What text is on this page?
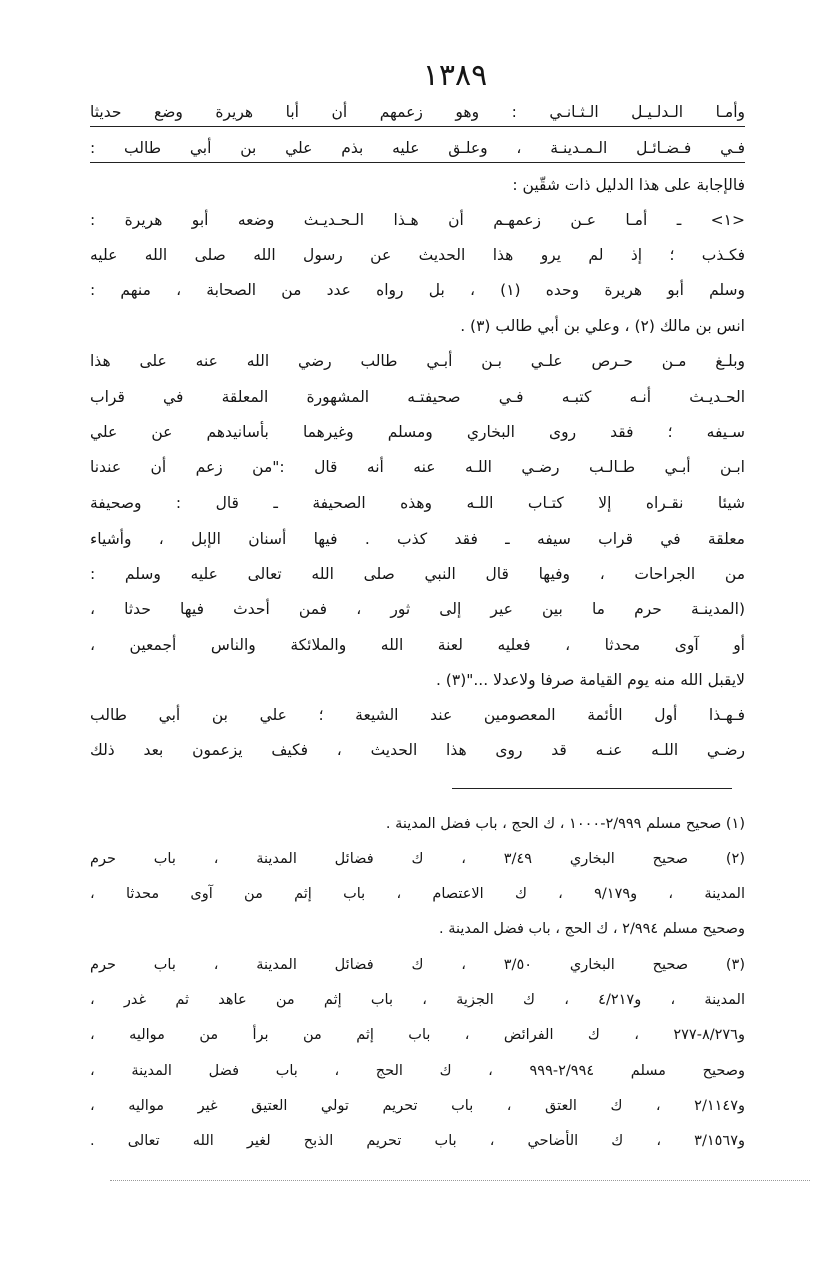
١٣٨٩
وأمـا الـدلـيـل الـثـانـي : وهو زعمهم أن أبا هريرة وضع حديثا
فـي فـضـائـل الـمـدينـة ، وعلـق عليه بذم علي بن أبي طالب :
فالإجابة على هذا الدليل ذات شقّين :
<١> ـ أمـا عـن زعمهـم أن هـذا الـحـديـث وضعه أبو هريرة :
فكـذب ؛ إذ لم يرو هذا الحديث عن رسول الله صلى الله عليه
وسلم أبو هريرة وحده (١) ، بل رواه عدد من الصحابة ، منهم :
انس بن مالك (٢) ، وعلي بن أبي طالب (٣) .
وبلـغ مـن حـرص علـي بـن أبـي طالب رضي الله عنه على هذا
الحـديـث أنـه كتبـه فـي صحيفتـه المشهورة المعلقة في قراب
سـيفه ؛ فقد روى البخاري ومسلم وغيرهما بأسانيدهم عن علي
ابـن أبـي طـالـب رضـي اللـه عنه أنه قال :"من زعم أن عندنا
شيئا نقـراه إلا كتـاب اللـه وهذه الصحيفة ـ قال : وصحيفة
معلقة في قراب سيفه ـ فقد كذب . فيها أسنان الإبل ، وأشياء
من الجراحات ، وفيها قال النبي صلى الله تعالى عليه وسلم :
(المدينـة حرم ما بين عير إلى ثور ، فمن أحدث فيها حدثا ،
أو آوى محدثا ، فعليه لعنة الله والملائكة والناس أجمعين ،
لايقبل الله منه يوم القيامة صرفا ولاعدلا ..."(٣) .
فـهـذا أول الأئمة المعصومين عند الشيعة ؛ علي بن أبي طالب
رضـي اللـه عنـه قد روى هذا الحديث ، فكيف يزعمون بعد ذلك
(١) صحيح مسلم ٢/٩٩٩-١٠٠٠ ، ك الحج ، باب فضل المدينة .
(٢) صحيح البخاري ٣/٤٩ ، ك فضائل المدينة ، باب حرم
المدينة ، و٩/١٧٩ ، ك الاعتصام ، باب إثم من آوى محدثا ،
وصحيح مسلم ٢/٩٩٤ ، ك الحج ، باب فضل المدينة .
(٣) صحيح البخاري ٣/٥٠ ، ك فضائل المدينة ، باب حرم
المدينة ، و٤/٢١٧ ، ك الجزية ، باب إثم من عاهد ثم غدر ،
و٨/٢٧٦-٢٧٧ ، ك الفرائض ، باب إثم من برأ من مواليه ،
وصحيح مسلم ٢/٩٩٤-٩٩٩ ، ك الحج ، باب فضل المدينة ،
و٢/١١٤٧ ، ك العتق ، باب تحريم تولي العتيق غير مواليه ،
و٣/١٥٦٧ ، ك الأضاحي ، باب تحريم الذبح لغير الله تعالى .
